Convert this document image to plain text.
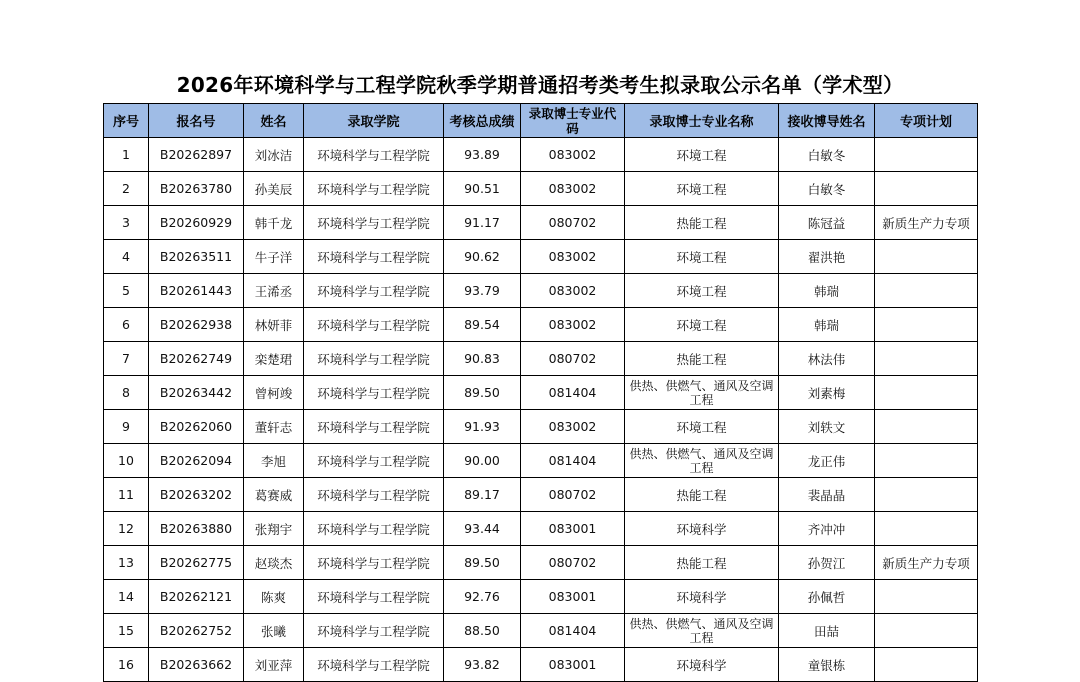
2026年环境科学与工程学院秋季学期普通招考类考生拟录取公示名单（学术型）
序号	报名号	姓名	录取学院	考核总成绩	录取博士专业代码	录取博士专业名称	接收博导姓名	专项计划
1	B20262897	刘冰洁	环境科学与工程学院	93.89	083002	环境工程	白敏冬	
2	B20263780	孙美辰	环境科学与工程学院	90.51	083002	环境工程	白敏冬	
3	B20260929	韩千龙	环境科学与工程学院	91.17	080702	热能工程	陈冠益	新质生产力专项
4	B20263511	牛子洋	环境科学与工程学院	90.62	083002	环境工程	翟洪艳	
5	B20261443	王浠丞	环境科学与工程学院	93.79	083002	环境工程	韩瑞	
6	B20262938	林妍菲	环境科学与工程学院	89.54	083002	环境工程	韩瑞	
7	B20262749	栾楚珺	环境科学与工程学院	90.83	080702	热能工程	林法伟	
8	B20263442	曾柯竣	环境科学与工程学院	89.50	081404	供热、供燃气、通风及空调工程	刘素梅	
9	B20262060	董轩志	环境科学与工程学院	91.93	083002	环境工程	刘轶文	
10	B20262094	李旭	环境科学与工程学院	90.00	081404	供热、供燃气、通风及空调工程	龙正伟	
11	B20263202	葛赛威	环境科学与工程学院	89.17	080702	热能工程	裴晶晶	
12	B20263880	张翔宇	环境科学与工程学院	93.44	083001	环境科学	齐冲冲	
13	B20262775	赵琰杰	环境科学与工程学院	89.50	080702	热能工程	孙贺江	新质生产力专项
14	B20262121	陈爽	环境科学与工程学院	92.76	083001	环境科学	孙佩哲	
15	B20262752	张曦	环境科学与工程学院	88.50	081404	供热、供燃气、通风及空调工程	田喆	
16	B20263662	刘亚萍	环境科学与工程学院	93.82	083001	环境科学	童银栋	
